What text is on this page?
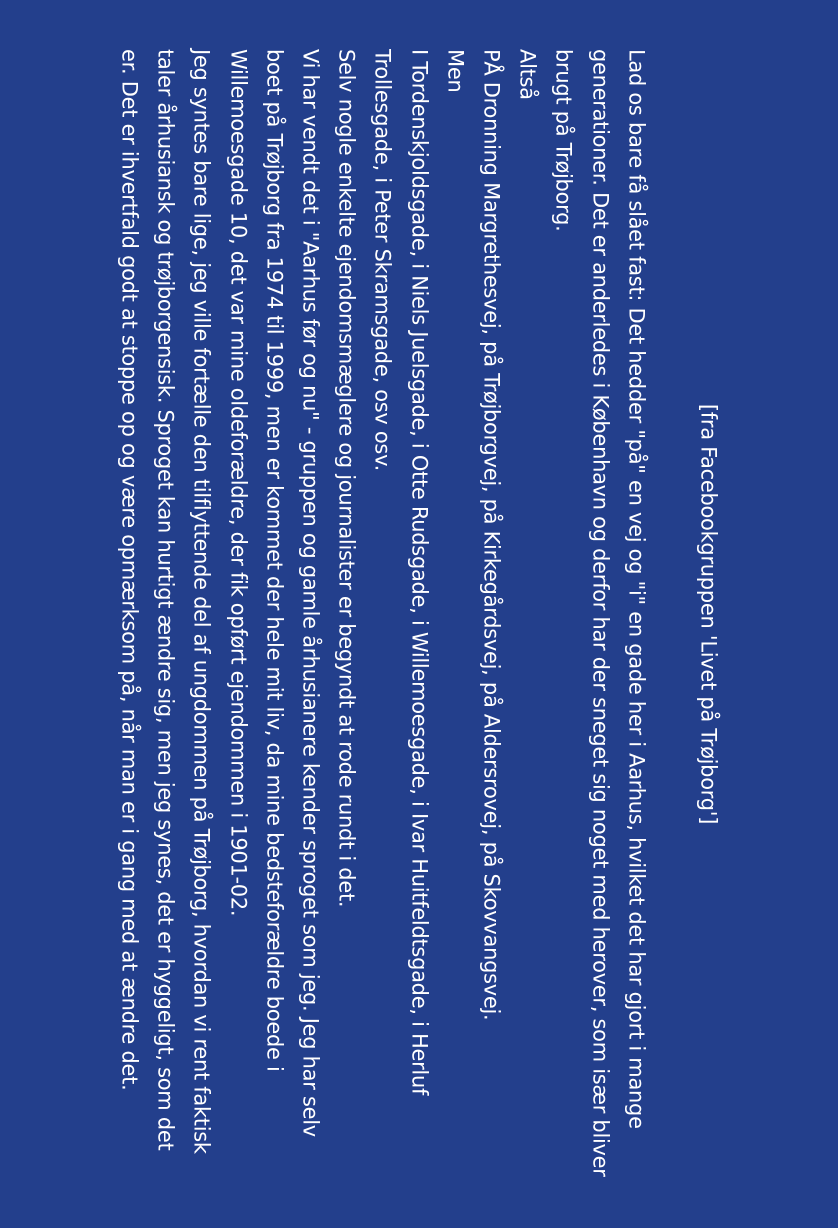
[fra Facebookgruppen 'Livet på Trøjborg']

Lad os bare få slået fast: Det hedder "på" en vej og "i" en gade her i Aarhus, hvilket det har gjort i mange generationer. Det er anderledes i København og derfor har der sneget sig noget med herover, som især bliver brugt på Trøjborg.

Altså

PÅ Dronning Margrethesvej, på Trøjborgvej, på Kirkegårdsvej, på Aldersrovej, på Skovvangsvej.

Men

I Tordenskjoldsgade, i Niels Juelsgade, i Otte Rudsgade, i Willemoesgade, i Ivar Huitfeldtsgade, i Herluf Trollesgade, i Peter Skramsgade, osv osv.

Selv nogle enkelte ejendomsmæglere og journalister er begyndt at rode rundt i det.

Vi har vendt det i "Aarhus før og nu" - gruppen og gamle århusianere kender sproget som jeg. Jeg har selv boet på Trøjborg fra 1974 til 1999, men er kommet der hele mit liv, da mine bedsteforældre boede i Willemoesgade 10, det var mine oldeforældre, der fik opført ejendommen i 1901-02.

Jeg syntes bare lige, jeg ville fortælle den tilflyttende del af ungdommen på Trøjborg, hvordan vi rent faktisk taler århusiansk og trøjborgensisk. Sproget kan hurtigt ændre sig, men jeg synes, det er hyggeligt, som det er. Det er ihvertfald godt at stoppe op og være opmærksom på, når man er i gang med at ændre det.
